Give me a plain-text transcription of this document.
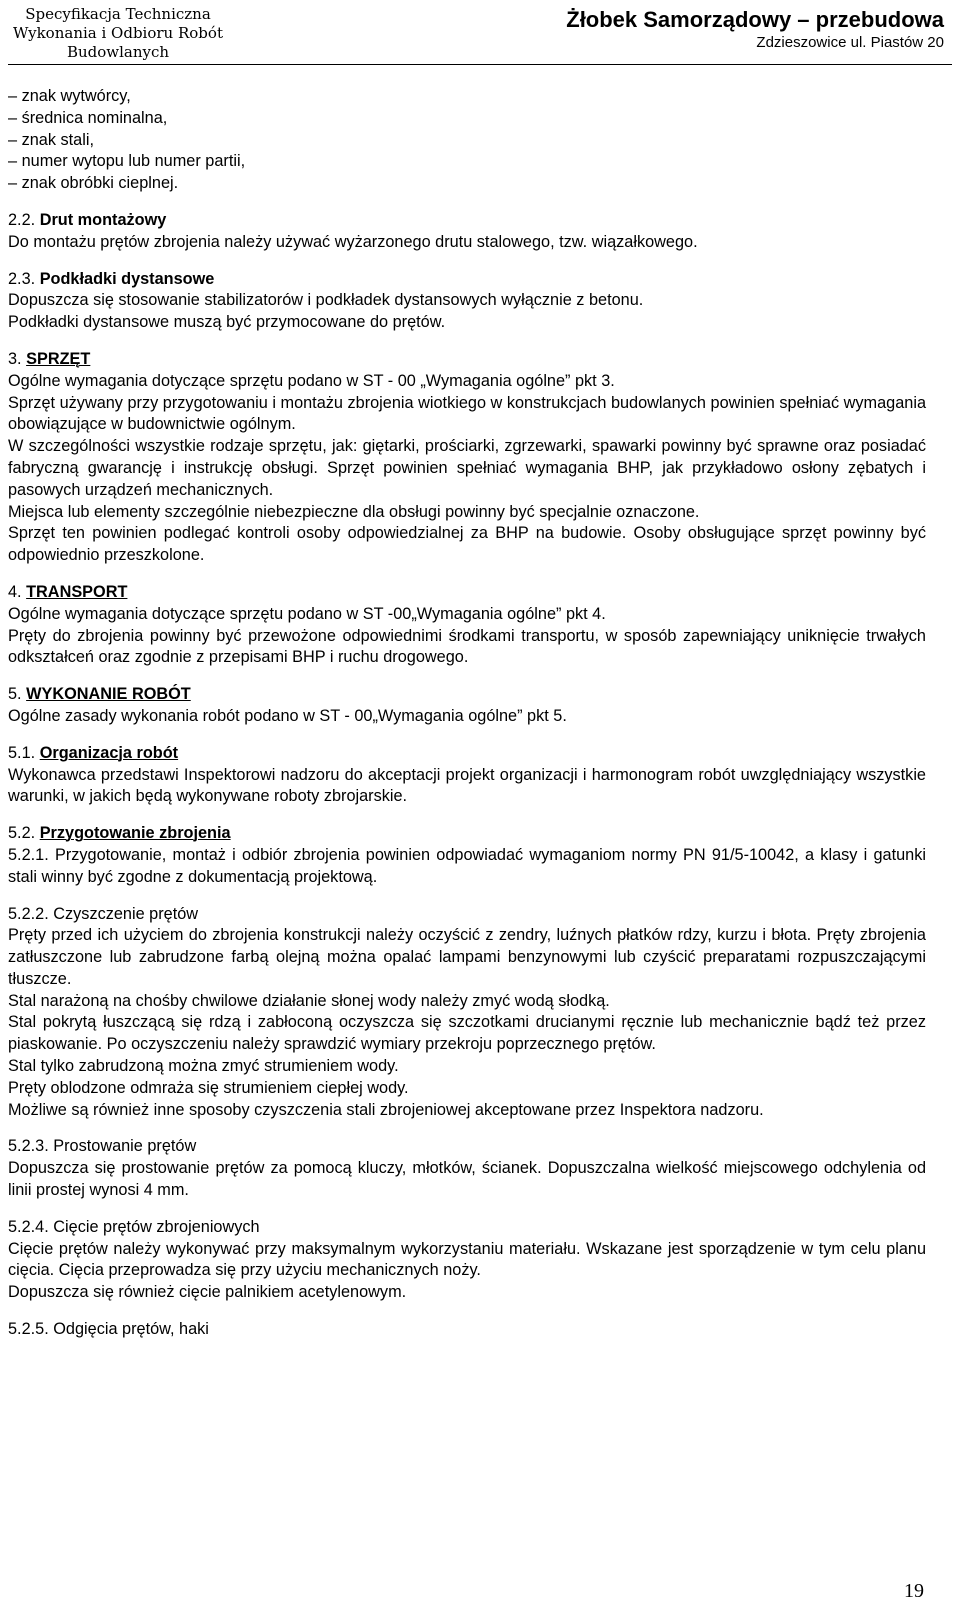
Specyfikacja Techniczna
Wykonania i Odbioru Robót
Budowlanych
Żłobek Samorządowy – przebudowa
Zdzieszowice ul. Piastów 20

– znak wytwórcy,

– średnica nominalna,

– znak stali,

– numer wytopu lub numer partii,

– znak obróbki cieplnej.

2.2. Drut montażowy

Do montażu prętów zbrojenia należy używać wyżarzonego drutu stalowego, tzw. wiązałkowego.

2.3. Podkładki dystansowe

Dopuszcza się stosowanie stabilizatorów i podkładek dystansowych wyłącznie z betonu.

Podkładki dystansowe muszą być przymocowane do prętów.

3. SPRZĘT

Ogólne wymagania dotyczące sprzętu podano w ST - 00 „Wymagania ogólne” pkt 3.

Sprzęt używany przy przygotowaniu i montażu zbrojenia wiotkiego w konstrukcjach budowlanych powinien spełniać wymagania obowiązujące w budownictwie ogólnym.

W szczególności wszystkie rodzaje sprzętu, jak: giętarki, prościarki, zgrzewarki, spawarki powinny być sprawne oraz posiadać fabryczną gwarancję i instrukcję obsługi. Sprzęt powinien spełniać wymagania BHP, jak przykładowo osłony zębatych i pasowych urządzeń mechanicznych.

Miejsca lub elementy szczególnie niebezpieczne dla obsługi powinny być specjalnie oznaczone.

Sprzęt ten powinien podlegać kontroli osoby odpowiedzialnej za BHP na budowie. Osoby obsługujące sprzęt powinny być odpowiednio przeszkolone.

4. TRANSPORT

Ogólne wymagania dotyczące sprzętu podano w ST -00„Wymagania ogólne” pkt 4.

Pręty do zbrojenia powinny być przewożone odpowiednimi środkami transportu, w sposób zapewniający uniknięcie trwałych odkształceń oraz zgodnie z przepisami BHP i ruchu drogowego.

5. WYKONANIE ROBÓT

Ogólne zasady wykonania robót podano w ST - 00„Wymagania ogólne” pkt 5.

5.1. Organizacja robót

Wykonawca przedstawi Inspektorowi nadzoru do akceptacji projekt organizacji i harmonogram robót uwzględniający wszystkie warunki, w jakich będą wykonywane roboty zbrojarskie.

5.2. Przygotowanie zbrojenia

5.2.1. Przygotowanie, montaż i odbiór zbrojenia powinien odpowiadać wymaganiom normy PN 91/5-10042, a klasy i gatunki stali winny być zgodne z dokumentacją projektową.

5.2.2. Czyszczenie prętów

Pręty przed ich użyciem do zbrojenia konstrukcji należy oczyścić z zendry, luźnych płatków rdzy, kurzu i błota. Pręty zbrojenia zatłuszczone lub zabrudzone farbą olejną można opalać lampami benzynowymi lub czyścić preparatami rozpuszczającymi tłuszcze.

Stal narażoną na chośby chwilowe działanie słonej wody należy zmyć wodą słodką.

Stal pokrytą łuszczącą się rdzą i zabłoconą oczyszcza się szczotkami drucianymi ręcznie lub mechanicznie bądź też przez piaskowanie. Po oczyszczeniu należy sprawdzić wymiary przekroju poprzecznego prętów.

Stal tylko zabrudzoną można zmyć strumieniem wody.

Pręty oblodzone odmraża się strumieniem ciepłej wody.

Możliwe są również inne sposoby czyszczenia stali zbrojeniowej akceptowane przez Inspektora nadzoru.

5.2.3. Prostowanie prętów

Dopuszcza się prostowanie prętów za pomocą kluczy, młotków, ścianek. Dopuszczalna wielkość miejscowego odchylenia od linii prostej wynosi 4 mm.

5.2.4. Cięcie prętów zbrojeniowych

Cięcie prętów należy wykonywać przy maksymalnym wykorzystaniu materiału. Wskazane jest sporządzenie w tym celu planu cięcia. Cięcia przeprowadza się przy użyciu mechanicznych noży.

Dopuszcza się również cięcie palnikiem acetylenowym.

5.2.5. Odgięcia prętów, haki

19
